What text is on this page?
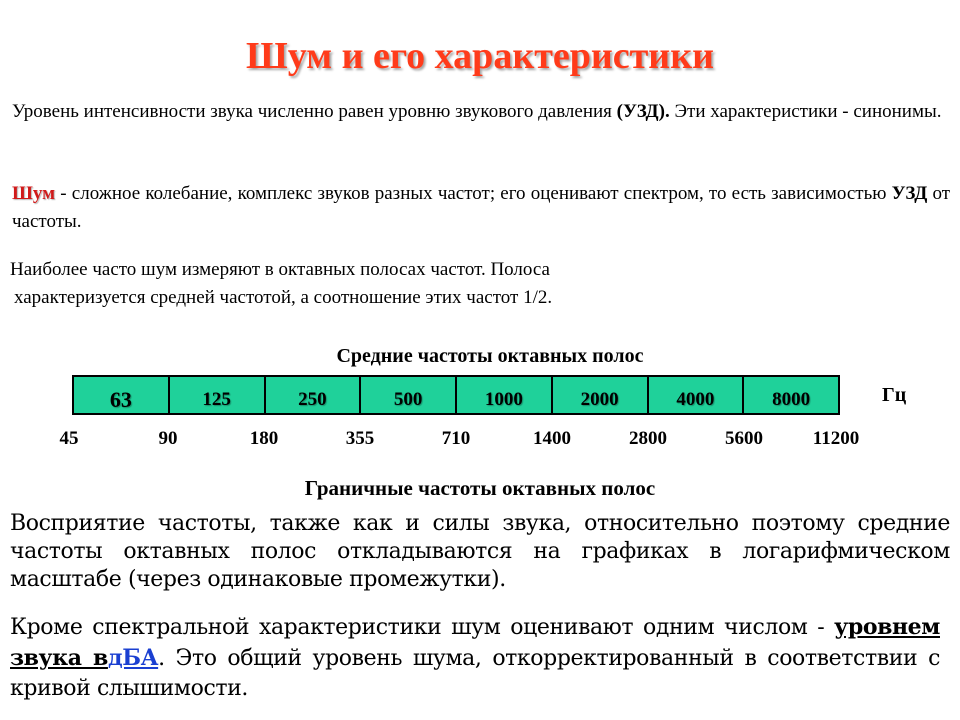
Шум и его характеристики
Уровень интенсивности звука численно равен уровню звукового давления (УЗД). Эти характеристики - синонимы.
Шум - сложное колебание, комплекс звуков разных частот; его оценивают спектром, то есть зависимостью УЗД от частоты.
Наиболее часто шум измеряют в октавных полосах частот. Полоса
характеризуется средней частотой, а соотношение этих частот 1/2.
Средние частоты октавных полос
63	125	250	500	1000	2000	4000	8000	Гц
45	90	180	355	710	1400	2800	5600	11200
Граничные частоты октавных полос
Восприятие частоты, также как и силы звука, относительно поэтому средние частоты октавных полос откладываются на графиках в логарифмическом масштабе (через одинаковые промежутки).
Кроме спектральной характеристики шум оценивают одним числом - уровнем звука вдБА. Это общий уровень шума, откорректированный в соответствии с кривой слышимости.
